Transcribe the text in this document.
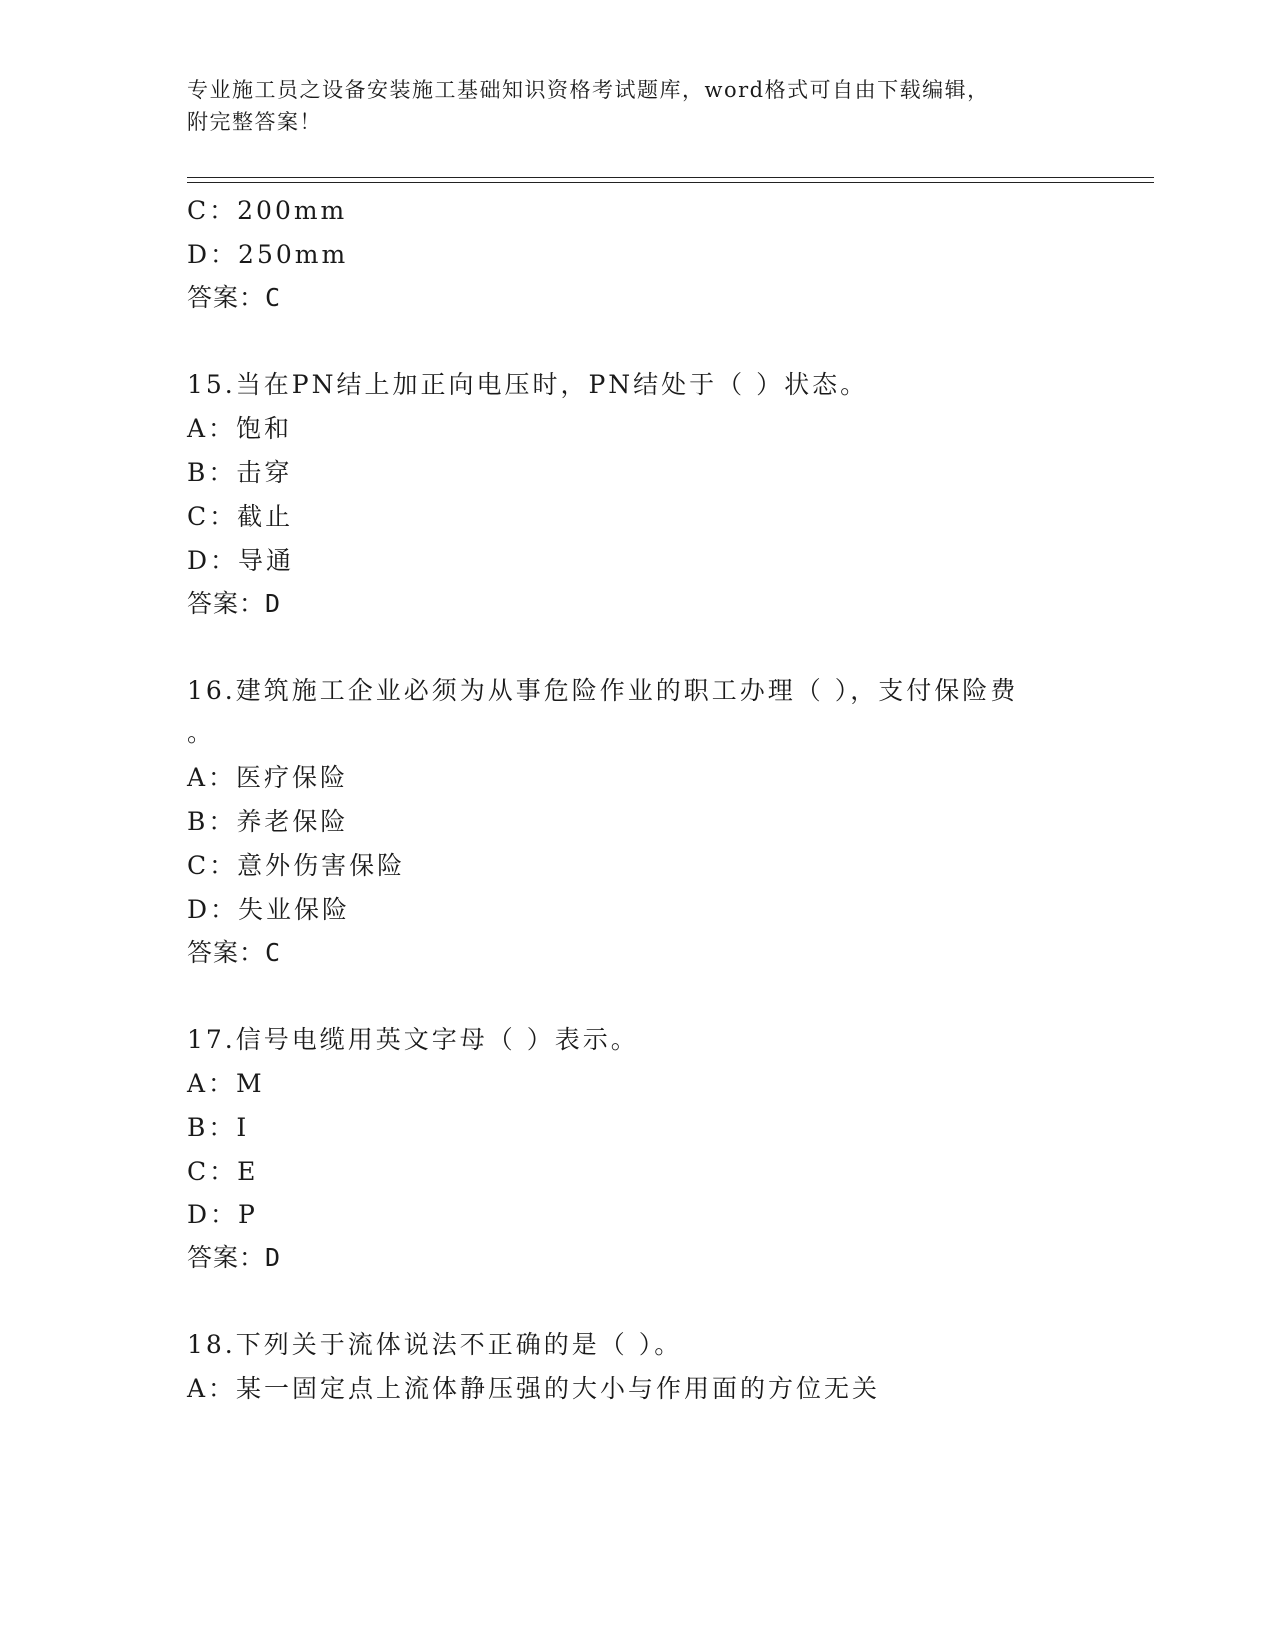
专业施工员之设备安装施工基础知识资格考试题库，word格式可自由下载编辑，
附完整答案！
C：200mm
D：250mm
答案：C
15.当在PN结上加正向电压时，PN结处于（ ）状态。
A：饱和
B：击穿
C：截止
D：导通
答案：D
16.建筑施工企业必须为从事危险作业的职工办理（ ），支付保险费
。
A：医疗保险
B：养老保险
C：意外伤害保险
D：失业保险
答案：C
17.信号电缆用英文字母（ ）表示。
A：M
B：I
C：E
D：P
答案：D
18.下列关于流体说法不正确的是（ ）。
A：某一固定点上流体静压强的大小与作用面的方位无关
